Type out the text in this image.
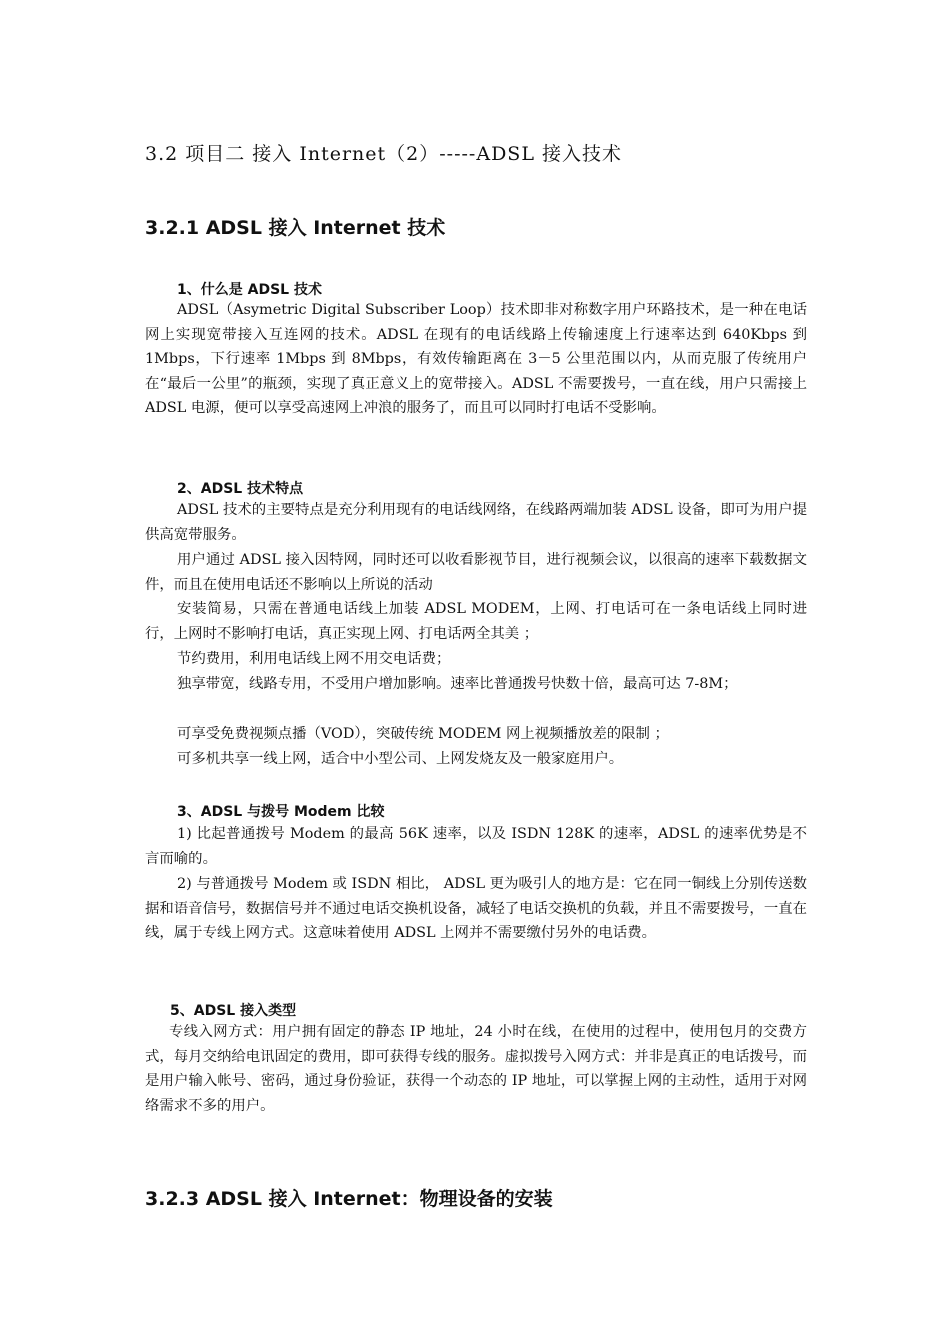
3.2 项目二 接入 Internet（2）-----ADSL 接入技术
3.2.1 ADSL 接入 Internet 技术
1、什么是 ADSL 技术

ADSL（Asymetric Digital Subscriber Loop）技术即非对称数字用户环路技术，是一种在电话网上实现宽带接入互连网的技术。ADSL 在现有的电话线路上传输速度上行速率达到 640Kbps 到 1Mbps，下行速率 1Mbps 到 8Mbps，有效传输距离在 3－5 公里范围以内，从而克服了传统用户在“最后一公里”的瓶颈，实现了真正意义上的宽带接入。ADSL 不需要拨号，一直在线，用户只需接上 ADSL 电源，便可以享受高速网上冲浪的服务了，而且可以同时打电话不受影响。

2、ADSL 技术特点

ADSL 技术的主要特点是充分利用现有的电话线网络，在线路两端加装 ADSL 设备，即可为用户提供高宽带服务。

用户通过 ADSL 接入因特网，同时还可以收看影视节目，进行视频会议，以很高的速率下载数据文件，而且在使用电话还不影响以上所说的活动

安装简易，只需在普通电话线上加装 ADSL MODEM，上网、打电话可在一条电话线上同时进行，上网时不影响打电话，真正实现上网、打电话两全其美 ；

节约费用，利用电话线上网不用交电话费；

独享带宽，线路专用，不受用户增加影响。速率比普通拨号快数十倍，最高可达 7-8M；

可享受免费视频点播（VOD），突破传统 MODEM 网上视频播放差的限制 ；

可多机共享一线上网，适合中小型公司、上网发烧友及一般家庭用户。

3、ADSL 与拨号 Modem 比较

1) 比起普通拨号 Modem 的最高 56K 速率，以及 ISDN 128K 的速率，ADSL 的速率优势是不言而喻的。

2) 与普通拨号 Modem 或 ISDN 相比， ADSL 更为吸引人的地方是：它在同一铜线上分别传送数据和语音信号，数据信号并不通过电话交换机设备，减轻了电话交换机的负载，并且不需要拨号，一直在线，属于专线上网方式。这意味着使用 ADSL 上网并不需要缴付另外的电话费。

5、ADSL 接入类型

专线入网方式：用户拥有固定的静态 IP 地址，24 小时在线，在使用的过程中，使用包月的交费方式，每月交纳给电讯固定的费用，即可获得专线的服务。虚拟拨号入网方式：并非是真正的电话拨号，而是用户输入帐号、密码，通过身份验证，获得一个动态的 IP 地址，可以掌握上网的主动性，适用于对网络需求不多的用户。

3.2.3 ADSL 接入 Internet：物理设备的安装
